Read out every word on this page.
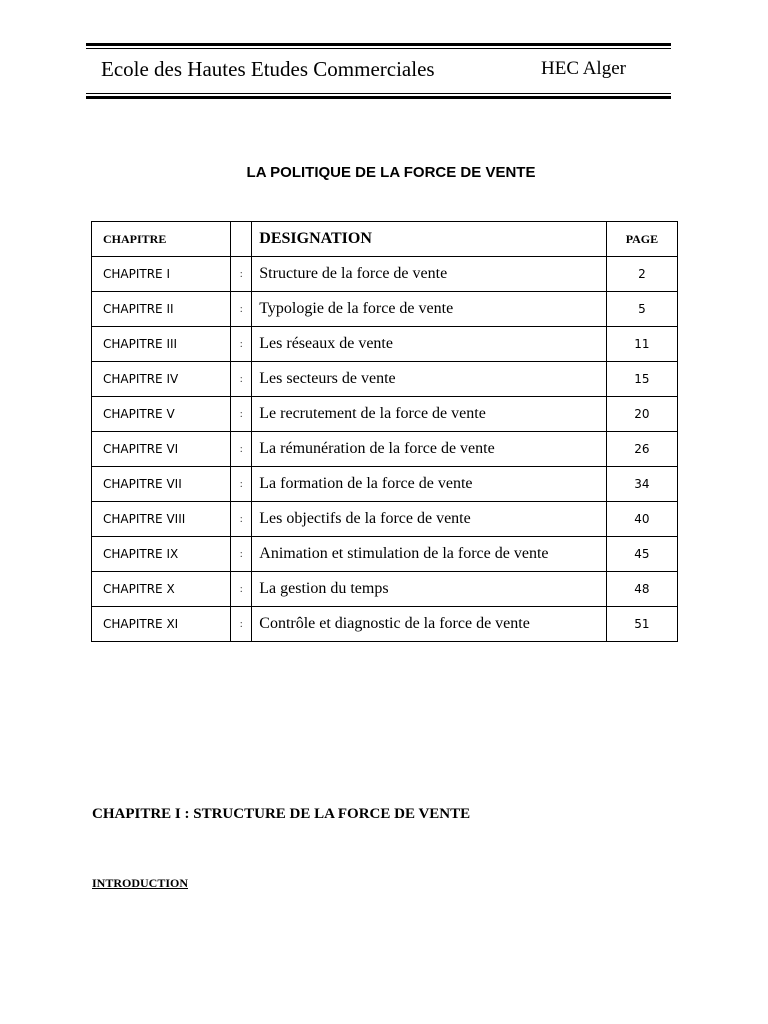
Ecole des Hautes Etudes Commerciales	HEC Alger
LA POLITIQUE DE LA FORCE DE VENTE
CHAPITRE		DESIGNATION	PAGE
CHAPITRE I	:	Structure de la force de vente	2
CHAPITRE II	:	Typologie de la force de vente	5
CHAPITRE III	:	Les réseaux de vente	11
CHAPITRE IV	:	Les secteurs de vente	15
CHAPITRE V	:	Le recrutement de la force de vente	20
CHAPITRE VI	:	La rémunération de la force de vente	26
CHAPITRE VII	:	La formation de la force de vente	34
CHAPITRE VIII	:	Les objectifs de la force de vente	40
CHAPITRE IX	:	Animation et stimulation de la force de vente	45
CHAPITRE X	:	La gestion du temps	48
CHAPITRE XI	:	Contrôle et diagnostic de la force de vente	51
CHAPITRE I : STRUCTURE DE LA FORCE DE VENTE
INTRODUCTION
